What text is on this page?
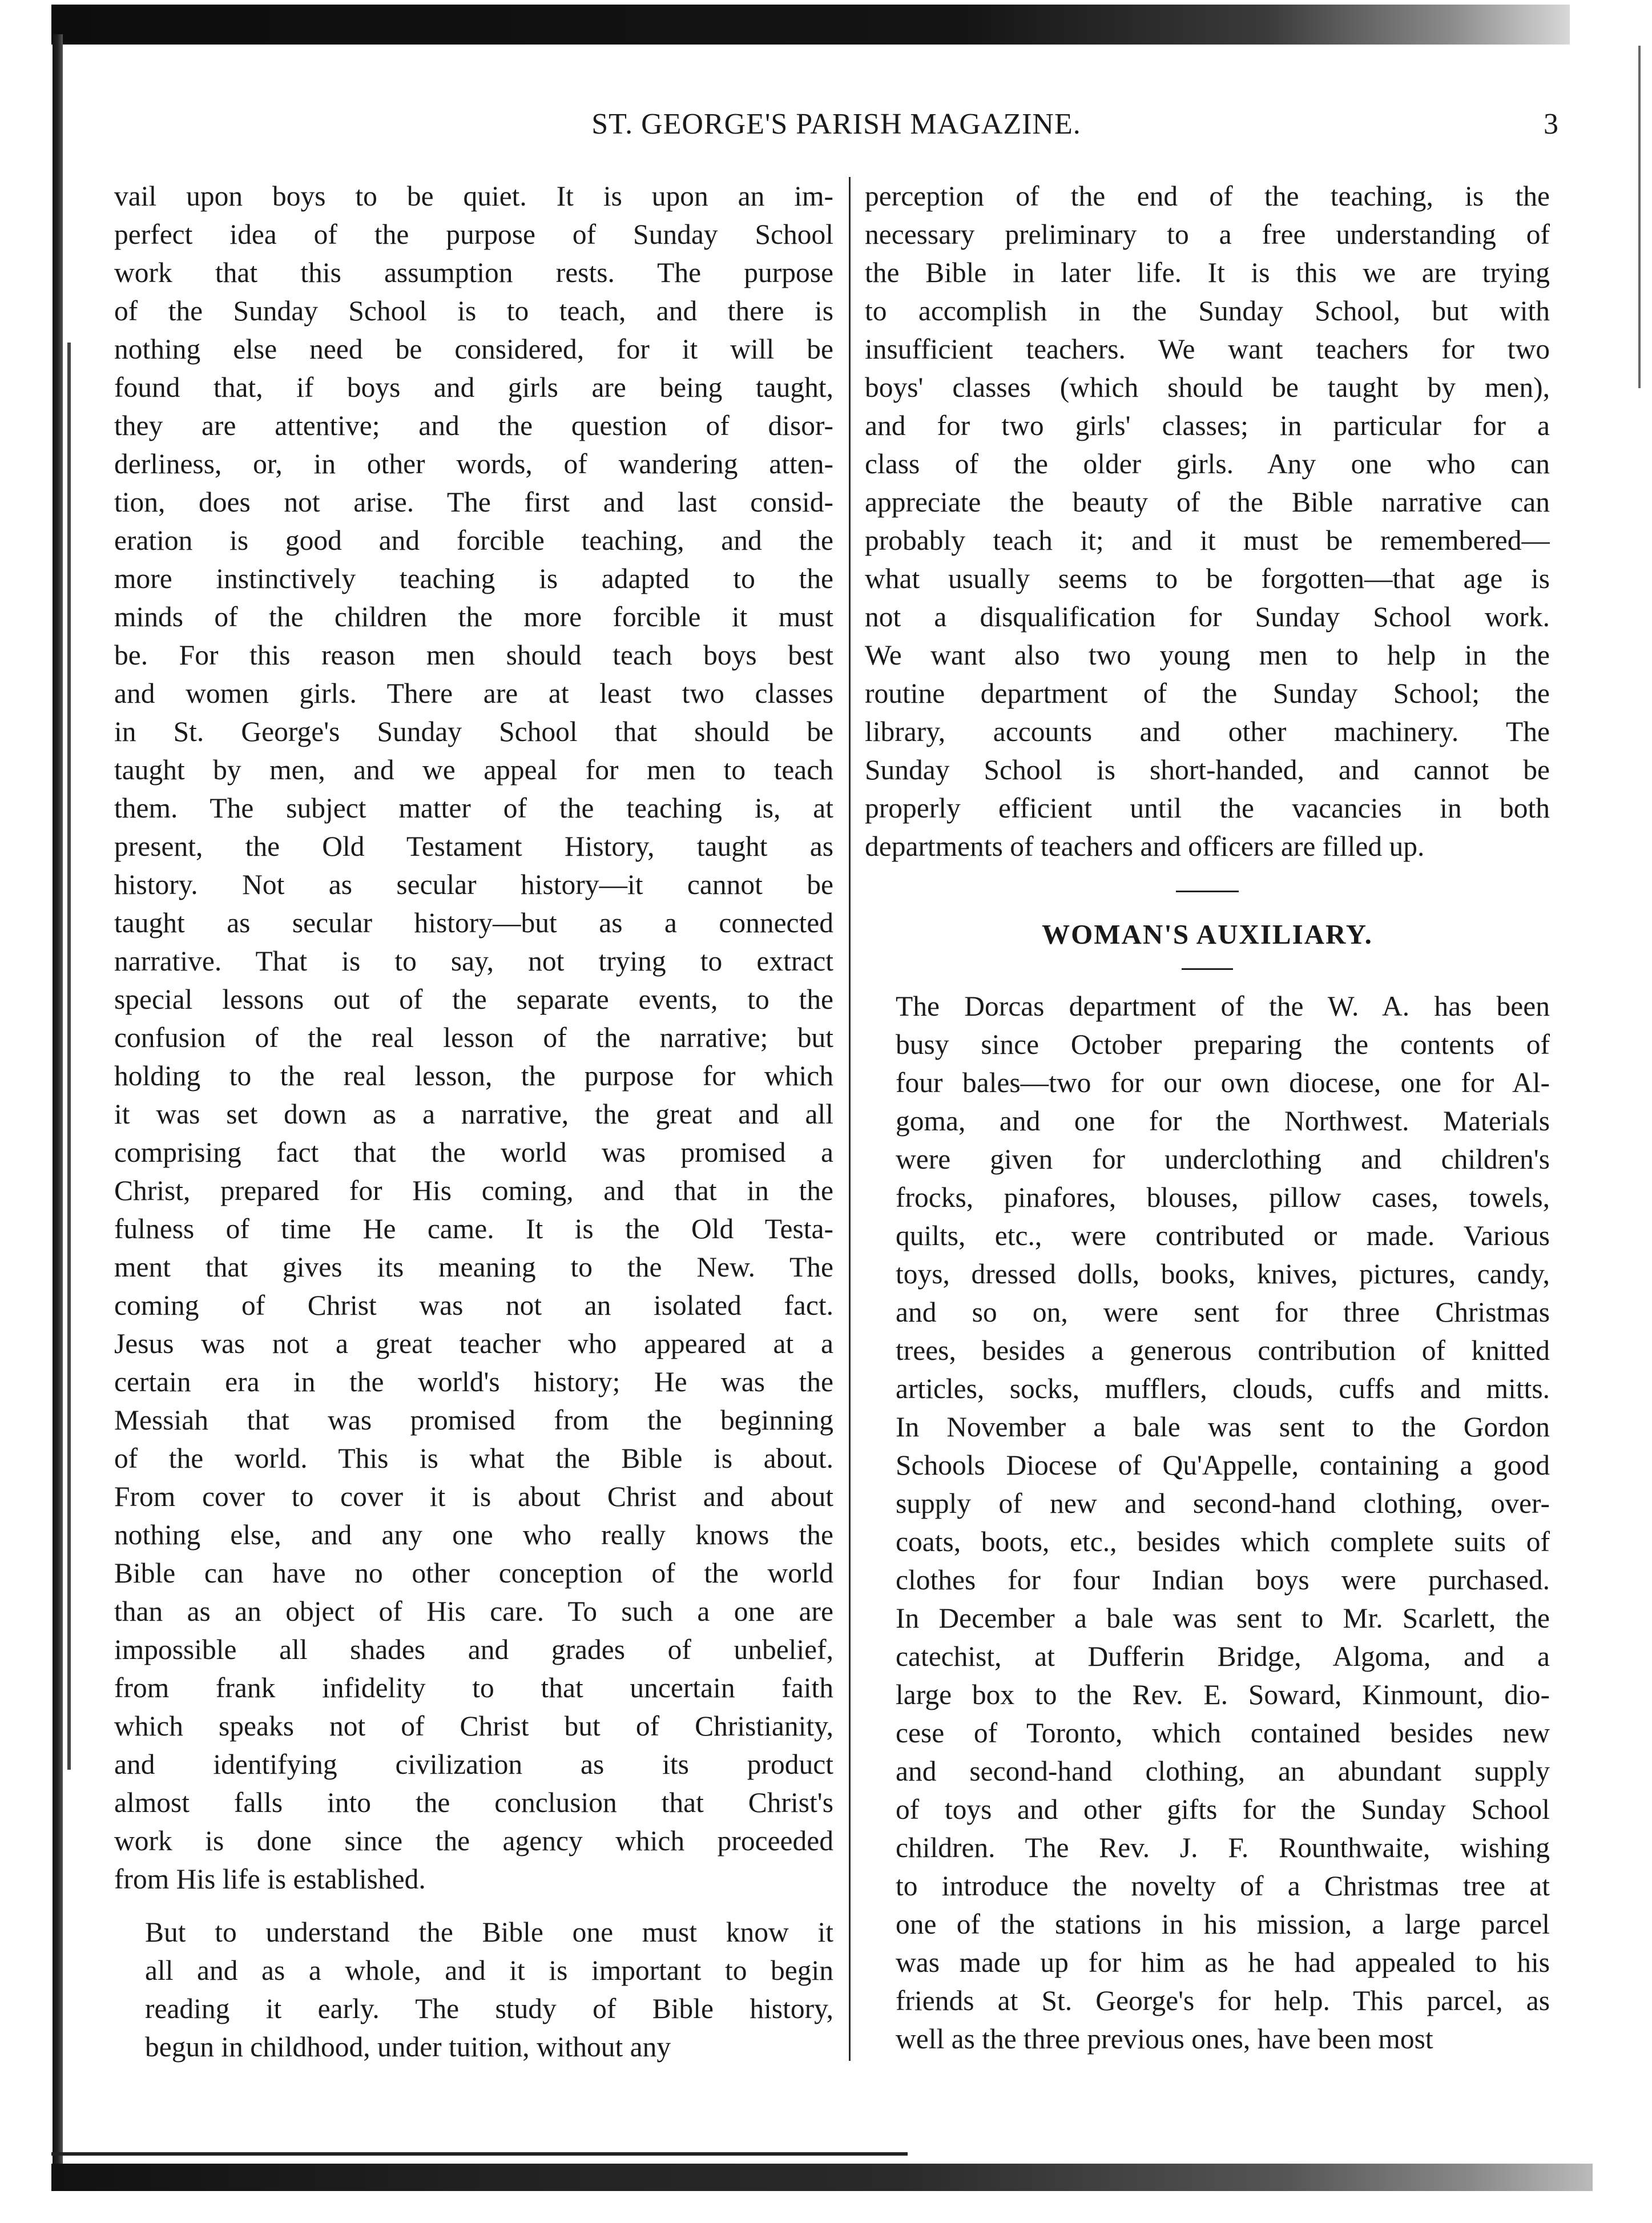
ST. GEORGE'S PARISH MAGAZINE.	3

vail upon boys to be quiet. It is upon an im-
perfect idea of the purpose of Sunday School
work that this assumption rests. The purpose
of the Sunday School is to teach, and there is
nothing else need be considered, for it will be
found that, if boys and girls are being taught,
they are attentive; and the question of disor-
derliness, or, in other words, of wandering atten-
tion, does not arise. The first and last consid-
eration is good and forcible teaching, and the
more instinctively teaching is adapted to the
minds of the children the more forcible it must
be. For this reason men should teach boys best
and women girls. There are at least two classes
in St. George's Sunday School that should be
taught by men, and we appeal for men to teach
them. The subject matter of the teaching is, at
present, the Old Testament History, taught as
history. Not as secular history—it cannot be
taught as secular history—but as a connected
narrative. That is to say, not trying to extract
special lessons out of the separate events, to the
confusion of the real lesson of the narrative; but
holding to the real lesson, the purpose for which
it was set down as a narrative, the great and all
comprising fact that the world was promised a
Christ, prepared for His coming, and that in the
fulness of time He came. It is the Old Testa-
ment that gives its meaning to the New. The
coming of Christ was not an isolated fact.
Jesus was not a great teacher who appeared at a
certain era in the world's history; He was the
Messiah that was promised from the beginning
of the world. This is what the Bible is about.
From cover to cover it is about Christ and about
nothing else, and any one who really knows the
Bible can have no other conception of the world
than as an object of His care. To such a one are
impossible all shades and grades of unbelief,
from frank infidelity to that uncertain faith
which speaks not of Christ but of Christianity,
and identifying civilization as its product
almost falls into the conclusion that Christ's
work is done since the agency which proceeded
from His life is established.

But to understand the Bible one must know it
all and as a whole, and it is important to begin
reading it early. The study of Bible history,
begun in childhood, under tuition, without any

perception of the end of the teaching, is the
necessary preliminary to a free understanding of
the Bible in later life. It is this we are trying
to accomplish in the Sunday School, but with
insufficient teachers. We want teachers for two
boys' classes (which should be taught by men),
and for two girls' classes; in particular for a
class of the older girls. Any one who can
appreciate the beauty of the Bible narrative can
probably teach it; and it must be remembered—
what usually seems to be forgotten—that age is
not a disqualification for Sunday School work.
We want also two young men to help in the
routine department of the Sunday School; the
library, accounts and other machinery. The
Sunday School is short-handed, and cannot be
properly efficient until the vacancies in both
departments of teachers and officers are filled up.

WOMAN'S AUXILIARY.

The Dorcas department of the W. A. has been
busy since October preparing the contents of
four bales—two for our own diocese, one for Al-
goma, and one for the Northwest. Materials
were given for underclothing and children's
frocks, pinafores, blouses, pillow cases, towels,
quilts, etc., were contributed or made. Various
toys, dressed dolls, books, knives, pictures, candy,
and so on, were sent for three Christmas
trees, besides a generous contribution of knitted
articles, socks, mufflers, clouds, cuffs and mitts.
In November a bale was sent to the Gordon
Schools Diocese of Qu'Appelle, containing a good
supply of new and second-hand clothing, over-
coats, boots, etc., besides which complete suits of
clothes for four Indian boys were purchased.
In December a bale was sent to Mr. Scarlett, the
catechist, at Dufferin Bridge, Algoma, and a
large box to the Rev. E. Soward, Kinmount, dio-
cese of Toronto, which contained besides new
and second-hand clothing, an abundant supply
of toys and other gifts for the Sunday School
children. The Rev. J. F. Rounthwaite, wishing
to introduce the novelty of a Christmas tree at
one of the stations in his mission, a large parcel
was made up for him as he had appealed to his
friends at St. George's for help. This parcel, as
well as the three previous ones, have been most
